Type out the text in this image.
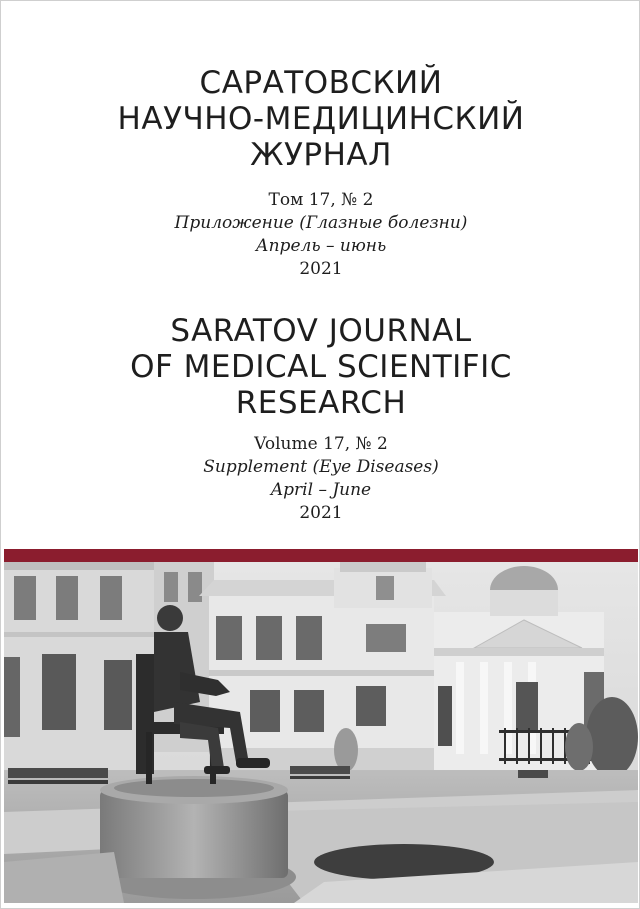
САРАТОВСКИЙ
НАУЧНО-МЕДИЦИНСКИЙ
ЖУРНАЛ
Том 17, № 2
Приложение (Глазные болезни)
Апрель – июнь
2021
SARATOV JOURNAL
OF MEDICAL SCIENTIFIC
RESEARCH
Volume 17, № 2
Supplement (Eye Diseases)
April – June
2021
